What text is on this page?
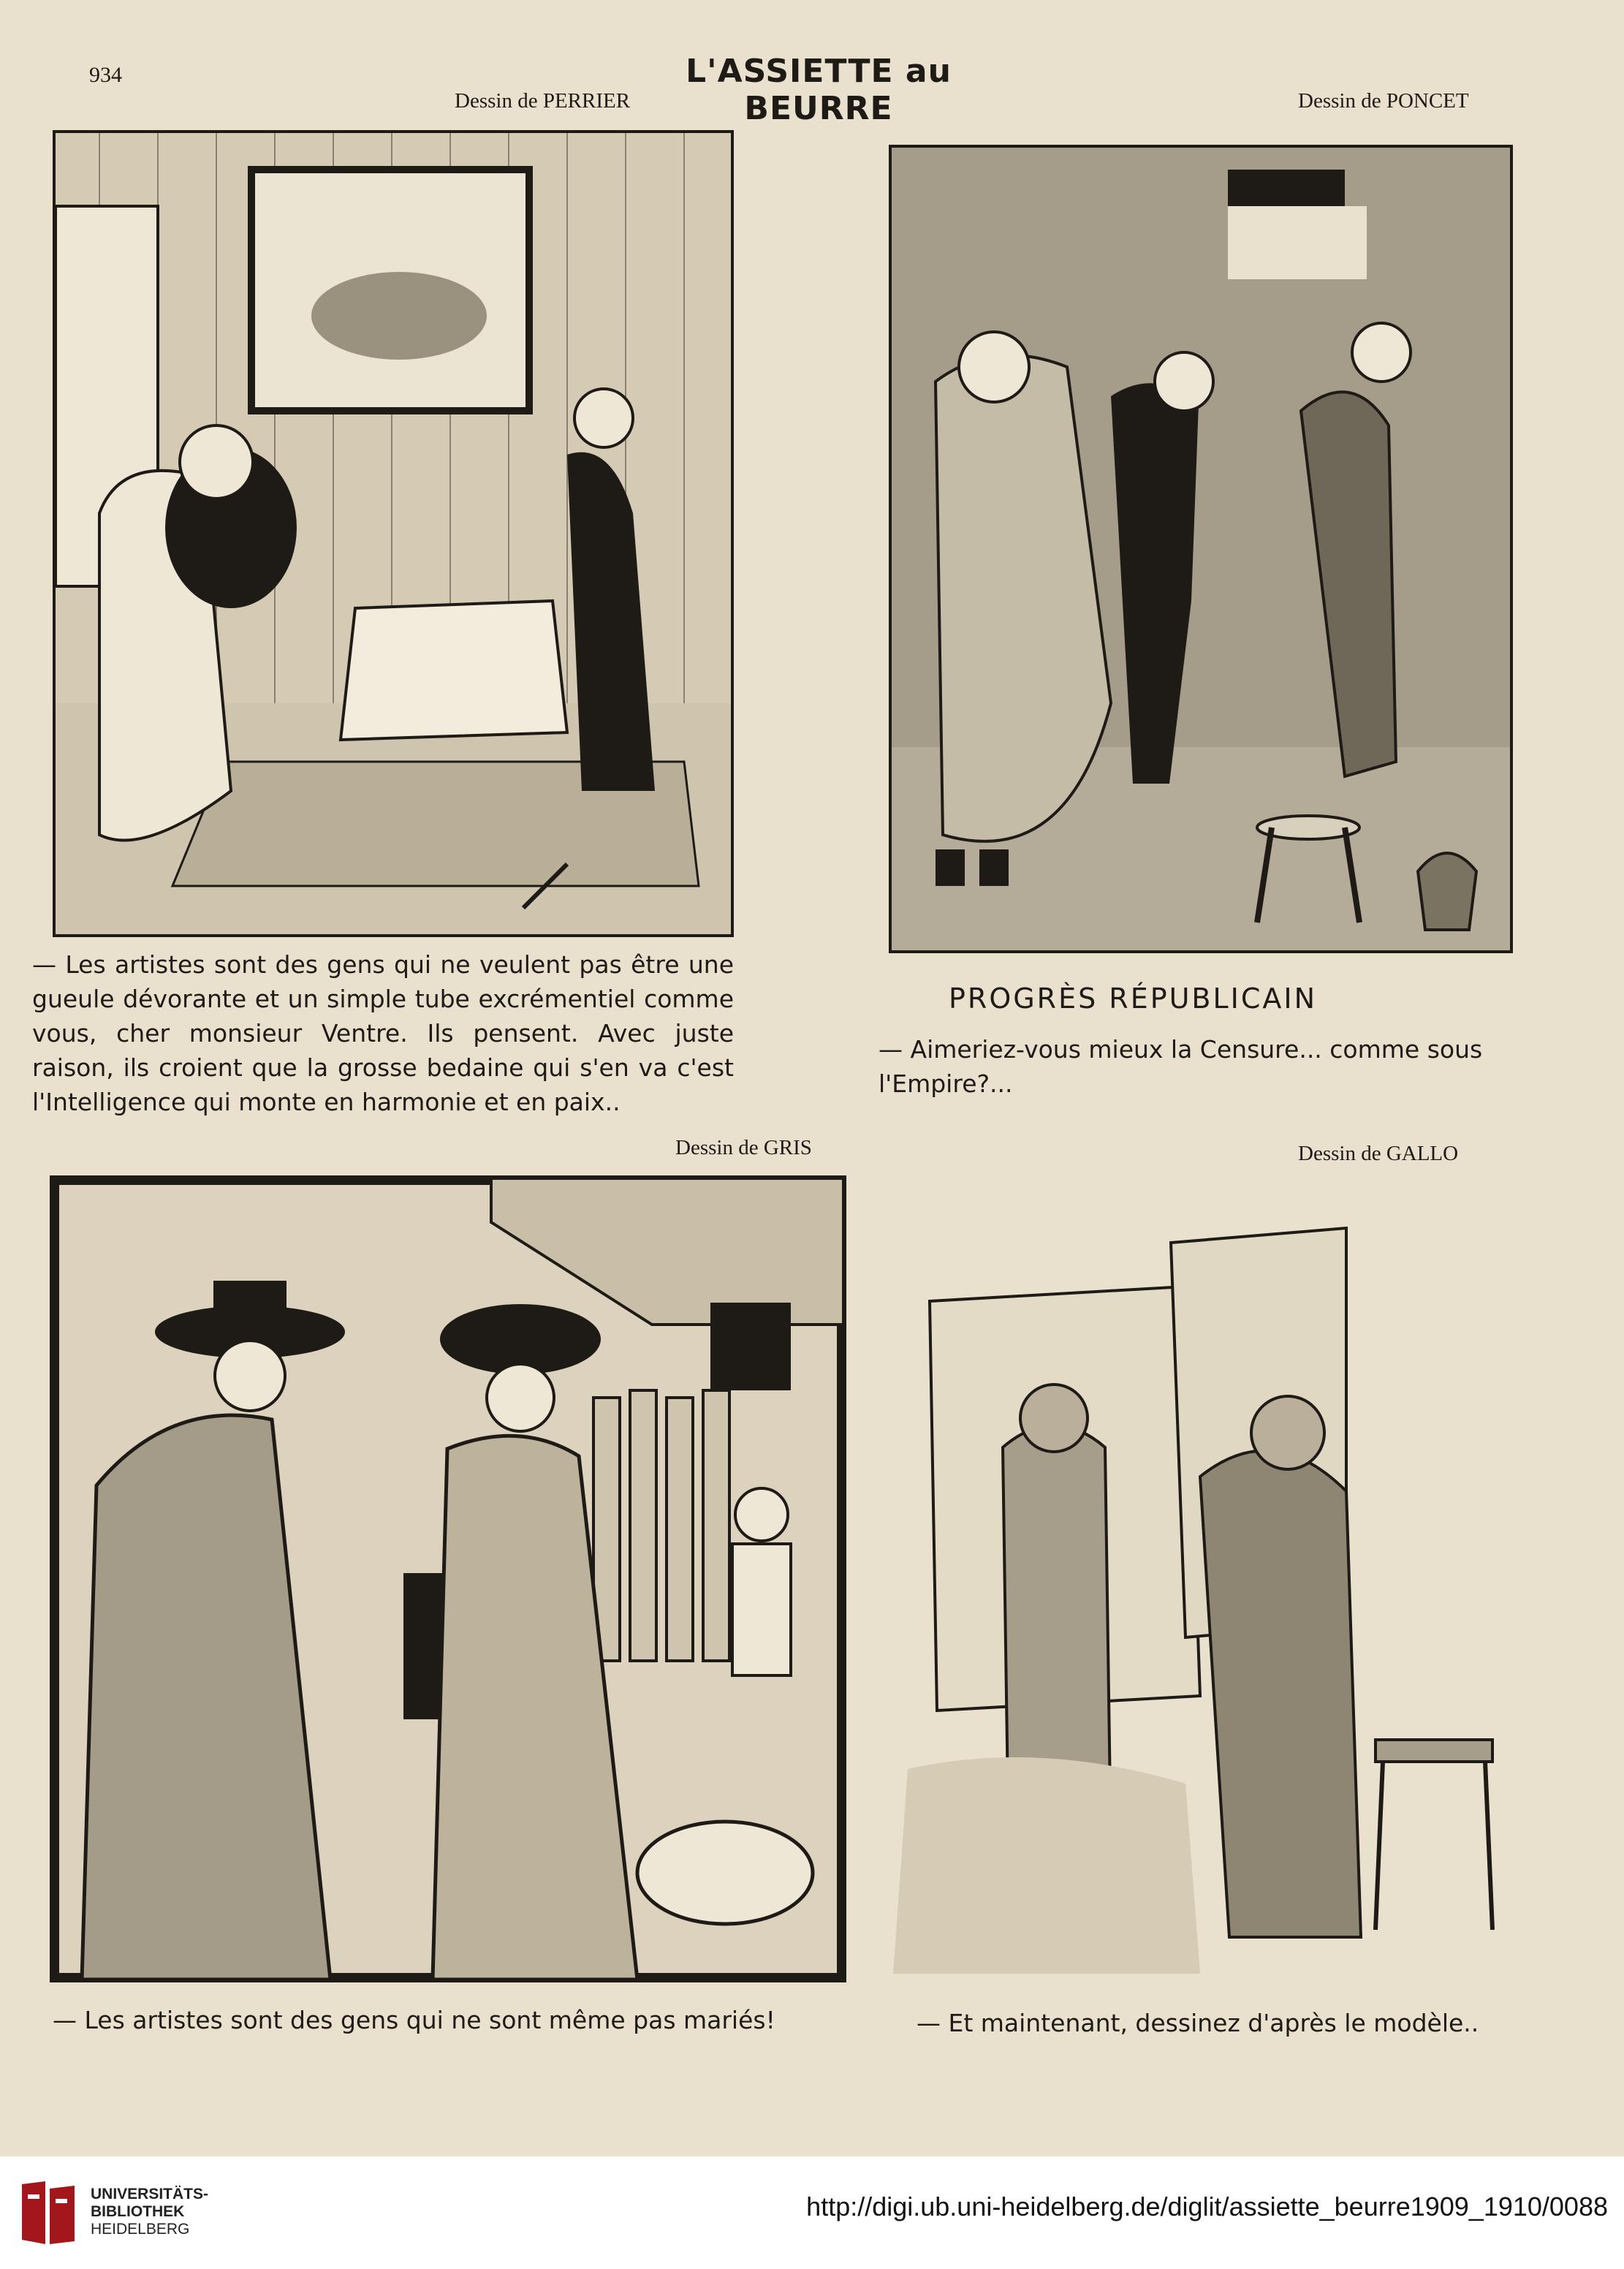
934	L'ASSIETTE au BEURRE
Dessin de PERRIER
— Les artistes sont des gens qui ne veulent pas être une gueule dévorante et un simple tube excrémentiel comme vous, cher monsieur Ventre. Ils pensent. Avec juste raison, ils croient que la grosse bedaine qui s'en va c'est l'Intelligence qui monte en harmonie et en paix..
Dessin de PONCET
PROGRÈS RÉPUBLICAIN
— Aimeriez-vous mieux la Censure... comme sous l'Empire?...
Dessin de GRIS
— Les artistes sont des gens qui ne sont même pas mariés!
Dessin de GALLO
— Et maintenant, dessinez d'après le modèle..
UNIVERSITÄTS-
BIBLIOTHEK
HEIDELBERG
http://digi.ub.uni-heidelberg.de/diglit/assiette_beurre1909_1910/0088
